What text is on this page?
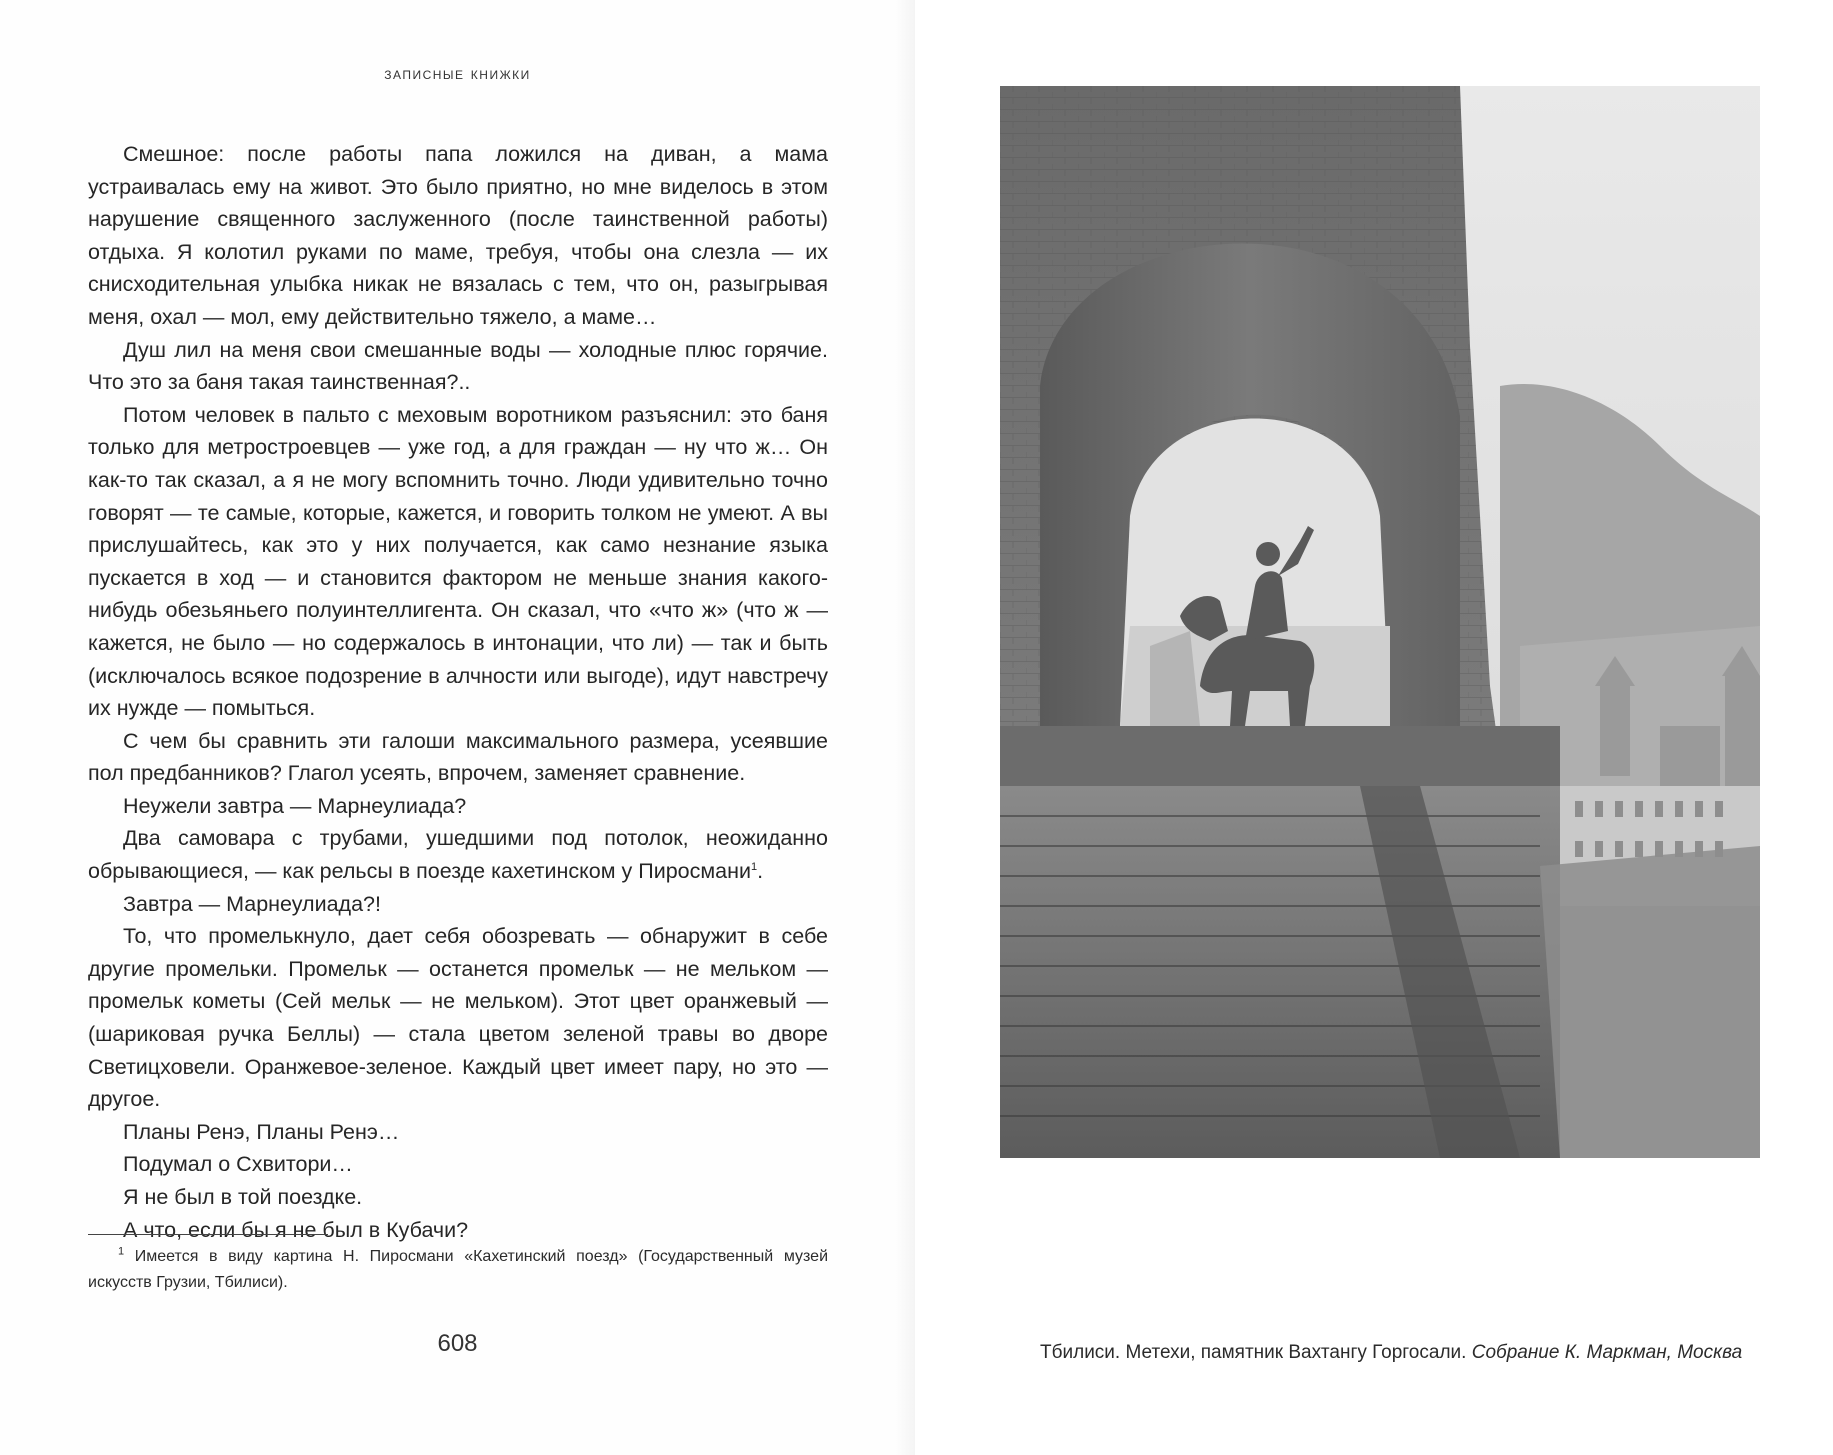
записные книжки

Смешное: после работы папа ложился на диван, а мама устраивалась ему на живот. Это было приятно, но мне виделось в этом нарушение священного заслуженного (после таинственной работы) отдыха. Я колотил руками по маме, требуя, чтобы она слезла — их снисходительная улыбка никак не вязалась с тем, что он, разыгрывая меня, охал — мол, ему действительно тяжело, а маме…

Душ лил на меня свои смешанные воды — холодные плюс горячие. Что это за баня такая таинственная?..

Потом человек в пальто с меховым воротником разъяснил: это баня только для метростроевцев — уже год, а для граждан — ну что ж… Он как-то так сказал, а я не могу вспомнить точно. Люди удивительно точно говорят — те самые, которые, кажется, и говорить толком не умеют. А вы прислушайтесь, как это у них получается, как само незнание языка пускается в ход — и становится фактором не меньше знания какого-нибудь обезьяньего полуинтеллигента. Он сказал, что «что ж» (что ж — кажется, не было — но содержалось в интонации, что ли) — так и быть (исключалось всякое подозрение в алчности или выгоде), идут навстречу их нужде — помыться.

С чем бы сравнить эти галоши максимального размера, усеявшие пол предбанников? Глагол усеять, впрочем, заменяет сравнение.

Неужели завтра — Марнеулиада?

Два самовара с трубами, ушедшими под потолок, неожиданно обрывающиеся, — как рельсы в поезде кахетинском у Пиросмани$^1$.

Завтра — Марнеулиада?!

То, что промелькнуло, дает себя обозревать — обнаружит в себе другие промельки. Промельк — останется промельк — не мельком — промельк кометы (Сей мельк — не мельком). Этот цвет оранжевый — (шариковая ручка Беллы) — стала цветом зеленой травы во дворе Светицховели. Оранжевое-зеленое. Каждый цвет имеет пару, но это — другое.

Планы Ренэ, Планы Ренэ…

Подумал о Схвитори…

Я не был в той поездке.

А что, если бы я не был в Кубачи?

$^1$ Имеется в виду картина Н. Пиросмани «Кахетинский поезд» (Государственный музей искусств Грузии, Тбилиси).
608	Тбилиси. Метехи, памятник Вахтангу Горгосали. Собрание К. Маркман, Москва
